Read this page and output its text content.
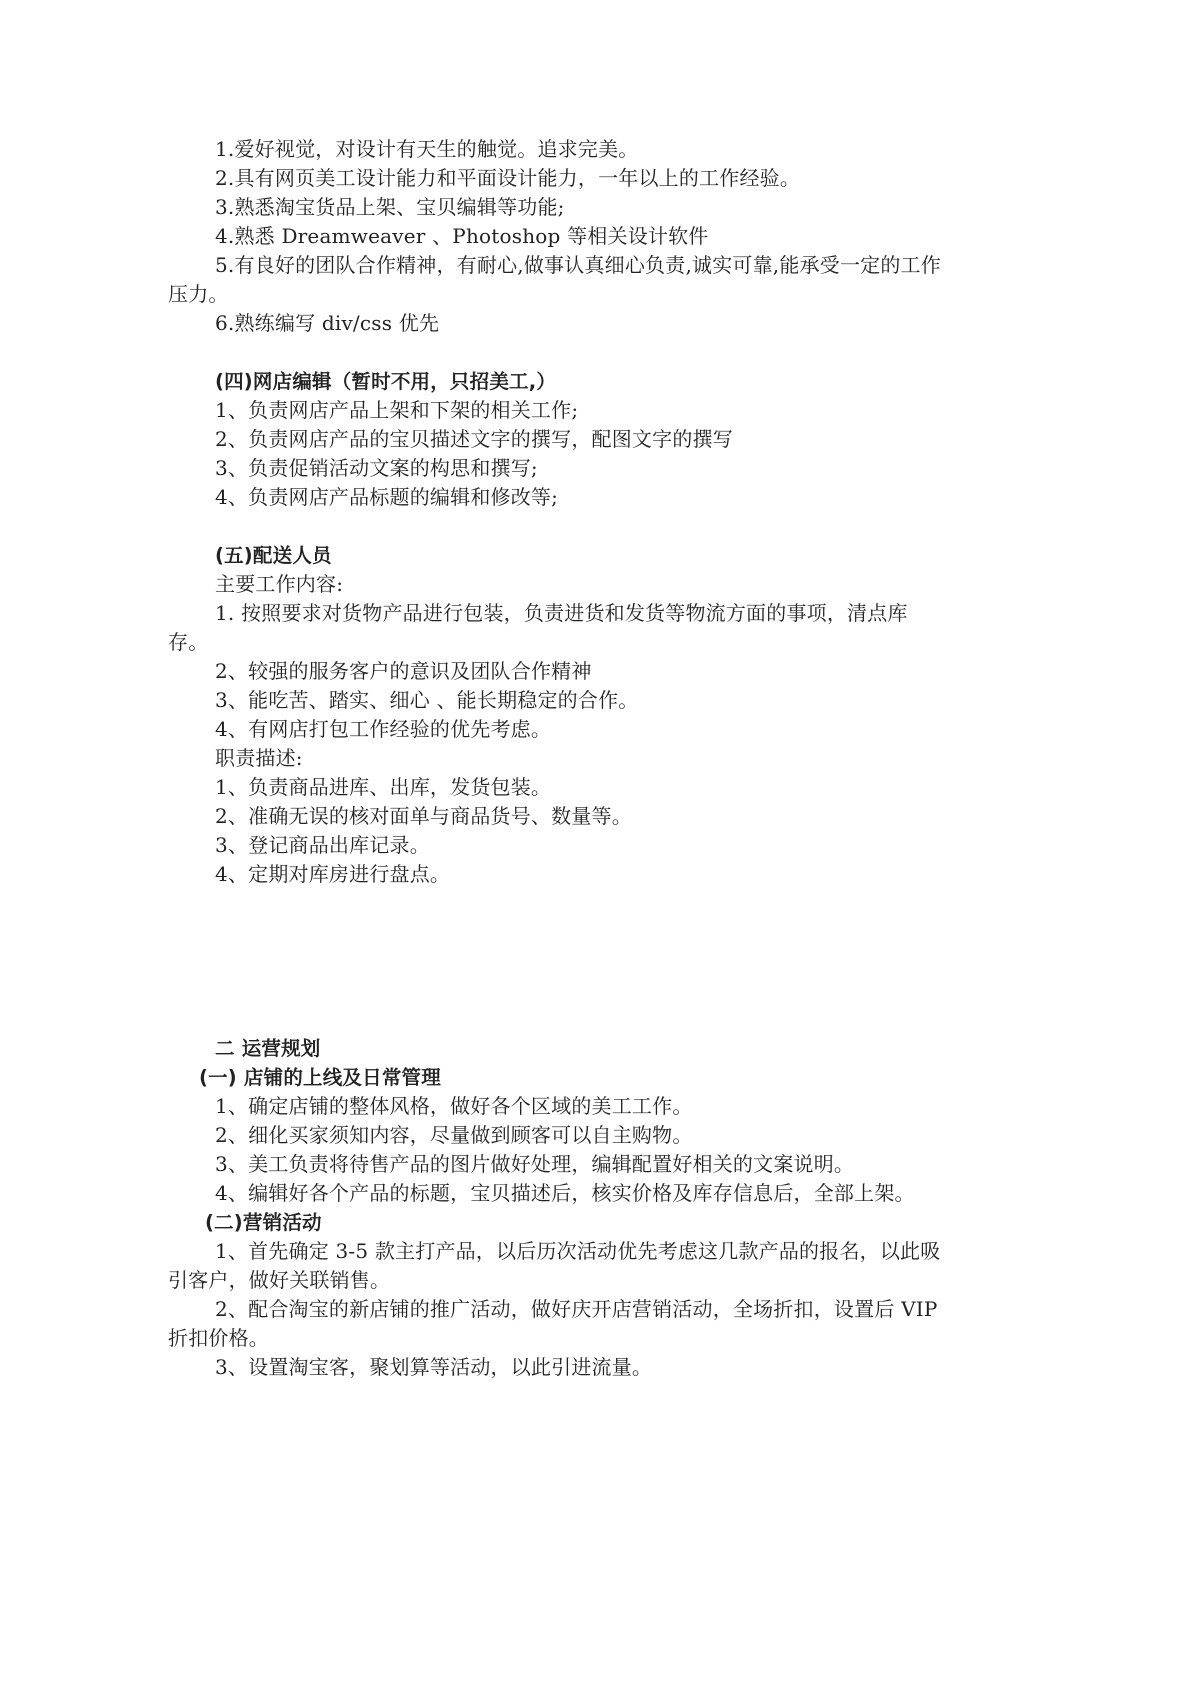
1.爱好视觉，对设计有天生的触觉。追求完美。
2.具有网页美工设计能力和平面设计能力，一年以上的工作经验。
3.熟悉淘宝货品上架、宝贝编辑等功能;
4.熟悉 Dreamweaver 、Photoshop 等相关设计软件
5.有良好的团队合作精神，有耐心,做事认真细心负责,诚实可靠,能承受一定的工作压力。
6.熟练编写 div/css 优先
(四)网店编辑（暂时不用，只招美工,）
1、负责网店产品上架和下架的相关工作;
2、负责网店产品的宝贝描述文字的撰写，配图文字的撰写
3、负责促销活动文案的构思和撰写;
4、负责网店产品标题的编辑和修改等;
(五)配送人员
主要工作内容:
1. 按照要求对货物产品进行包装，负责进货和发货等物流方面的事项，清点库存。
2、较强的服务客户的意识及团队合作精神
3、能吃苦、踏实、细心 、能长期稳定的合作。
4、有网店打包工作经验的优先考虑。
职责描述:
1、负责商品进库、出库，发货包装。
2、准确无误的核对面单与商品货号、数量等。
3、登记商品出库记录。
4、定期对库房进行盘点。
二 运营规划
(一) 店铺的上线及日常管理
1、确定店铺的整体风格，做好各个区域的美工工作。
2、细化买家须知内容，尽量做到顾客可以自主购物。
3、美工负责将待售产品的图片做好处理，编辑配置好相关的文案说明。
4、编辑好各个产品的标题，宝贝描述后，核实价格及库存信息后，全部上架。
(二)营销活动
1、首先确定 3-5 款主打产品，以后历次活动优先考虑这几款产品的报名，以此吸引客户，做好关联销售。
2、配合淘宝的新店铺的推广活动，做好庆开店营销活动，全场折扣，设置后 VIP 折扣价格。
3、设置淘宝客，聚划算等活动，以此引进流量。
